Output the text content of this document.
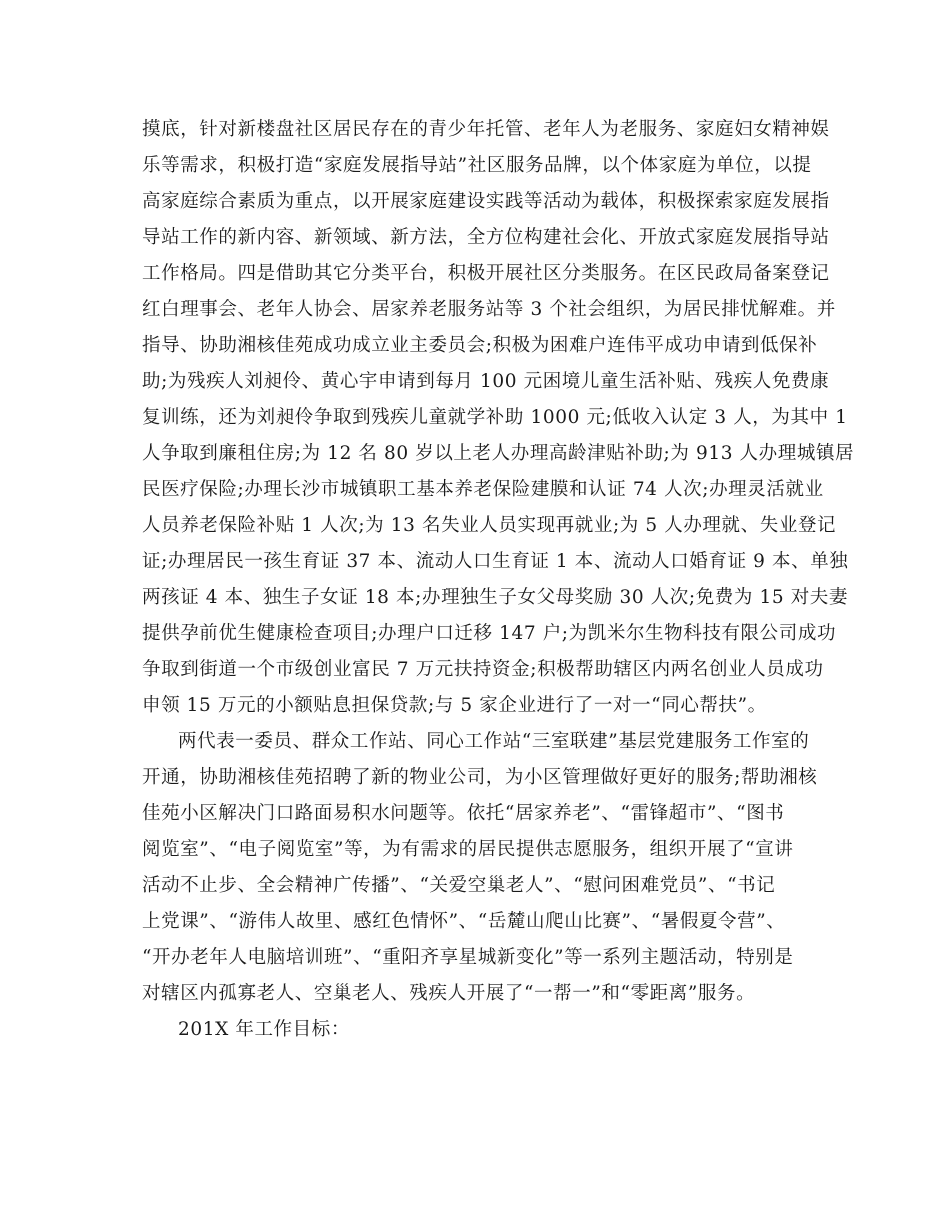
摸底，针对新楼盘社区居民存在的青少年托管、老年人为老服务、家庭妇女精神娱
乐等需求，积极打造“家庭发展指导站”社区服务品牌，以个体家庭为单位，以提
高家庭综合素质为重点，以开展家庭建设实践等活动为载体，积极探索家庭发展指
导站工作的新内容、新领域、新方法，全方位构建社会化、开放式家庭发展指导站
工作格局。四是借助其它分类平台，积极开展社区分类服务。在区民政局备案登记
红白理事会、老年人协会、居家养老服务站等 3 个社会组织，为居民排忧解难。并
指导、协助湘核佳苑成功成立业主委员会;积极为困难户连伟平成功申请到低保补
助;为残疾人刘昶伶、黄心宇申请到每月 100 元困境儿童生活补贴、残疾人免费康
复训练，还为刘昶伶争取到残疾儿童就学补助 1000 元;低收入认定 3 人，为其中 1
人争取到廉租住房;为 12 名 80 岁以上老人办理高龄津贴补助;为 913 人办理城镇居
民医疗保险;办理长沙市城镇职工基本养老保险建膜和认证 74 人次;办理灵活就业
人员养老保险补贴 1 人次;为 13 名失业人员实现再就业;为 5 人办理就、失业登记
证;办理居民一孩生育证 37 本、流动人口生育证 1 本、流动人口婚育证 9 本、单独
两孩证 4 本、独生子女证 18 本;办理独生子女父母奖励 30 人次;免费为 15 对夫妻
提供孕前优生健康检查项目;办理户口迁移 147 户;为凯米尔生物科技有限公司成功
争取到街道一个市级创业富民 7 万元扶持资金;积极帮助辖区内两名创业人员成功
申领 15 万元的小额贴息担保贷款;与 5 家企业进行了一对一“同心帮扶”。
两代表一委员、群众工作站、同心工作站“三室联建”基层党建服务工作室的
开通，协助湘核佳苑招聘了新的物业公司，为小区管理做好更好的服务;帮助湘核
佳苑小区解决门口路面易积水问题等。依托“居家养老”、“雷锋超市”、“图书
阅览室”、“电子阅览室”等，为有需求的居民提供志愿服务，组织开展了“宣讲
活动不止步、全会精神广传播”、“关爱空巢老人”、“慰问困难党员”、“书记
上党课”、“游伟人故里、感红色情怀”、“岳麓山爬山比赛”、“暑假夏令营”、
“开办老年人电脑培训班”、“重阳齐享星城新变化”等一系列主题活动，特别是
对辖区内孤寡老人、空巢老人、残疾人开展了“一帮一”和“零距离”服务。
201X 年工作目标：
